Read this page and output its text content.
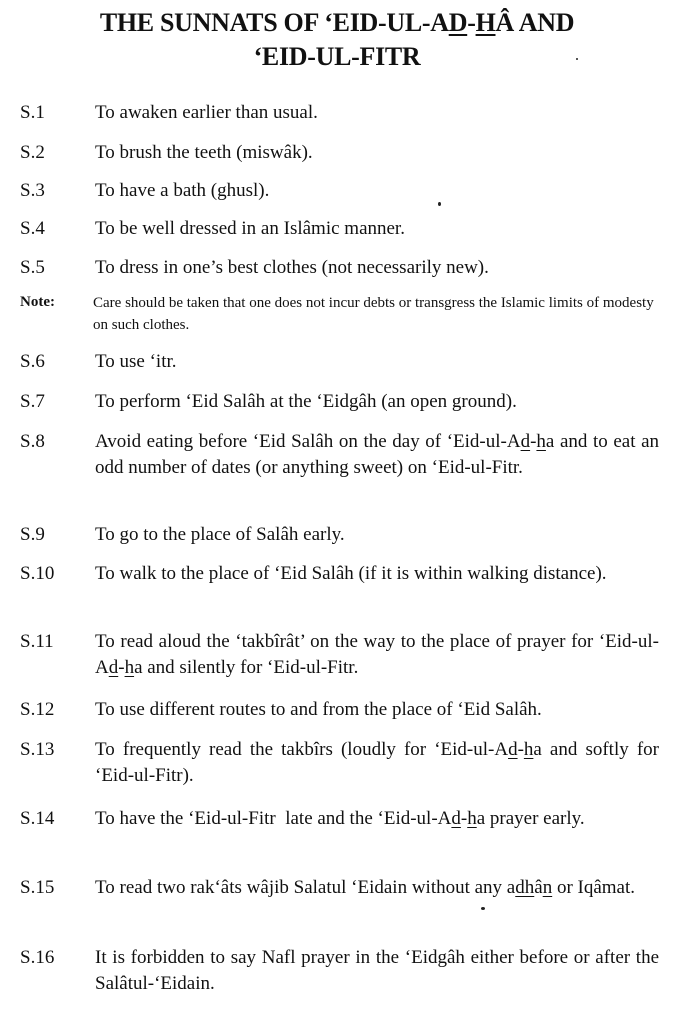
THE SUNNATS OF ‘EID-UL-AD-HÂ AND
‘EID-UL-FITR
S.1	To awaken earlier than usual.
S.2	To brush the teeth (miswâk).
S.3	To have a bath (ghusl).
S.4	To be well dressed in an Islâmic manner.
S.5	To dress in one’s best clothes (not necessarily new).
Note:	Care should be taken that one does not incur debts or transgress the Islamic limits of modesty on such clothes.
S.6	To use ‘itr.
S.7	To perform ‘Eid Salâh at the ‘Eidgâh (an open ground).
S.8	Avoid eating before ‘Eid Salâh on the day of ‘Eid-ul-Ad-ha and to eat an odd number of dates (or anything sweet) on ‘Eid-ul-Fitr.
S.9	To go to the place of Salâh early.
S.10 To walk to the place of ‘Eid Salâh (if it is within walking distance).
S.11 To read aloud the ‘takbîrât’ on the way to the place of prayer for ‘Eid-ul-Ad-ha and silently for ‘Eid-ul-Fitr.
S.12 To use different routes to and from the place of ‘Eid Salâh.
S.13 To frequently read the takbîrs (loudly for ‘Eid-ul-Ad-ha and softly for ‘Eid-ul-Fitr).
S.14 To have the ‘Eid-ul-Fitr  late and the ‘Eid-ul-Ad-ha prayer early.
S.15 To read two rak‘âts wâjib Salatul ‘Eidain without any adhân or Iqâmat.
S.16 It is forbidden to say Nafl prayer in the ‘Eidgâh either before or after the Salâtul-‘Eidain.
